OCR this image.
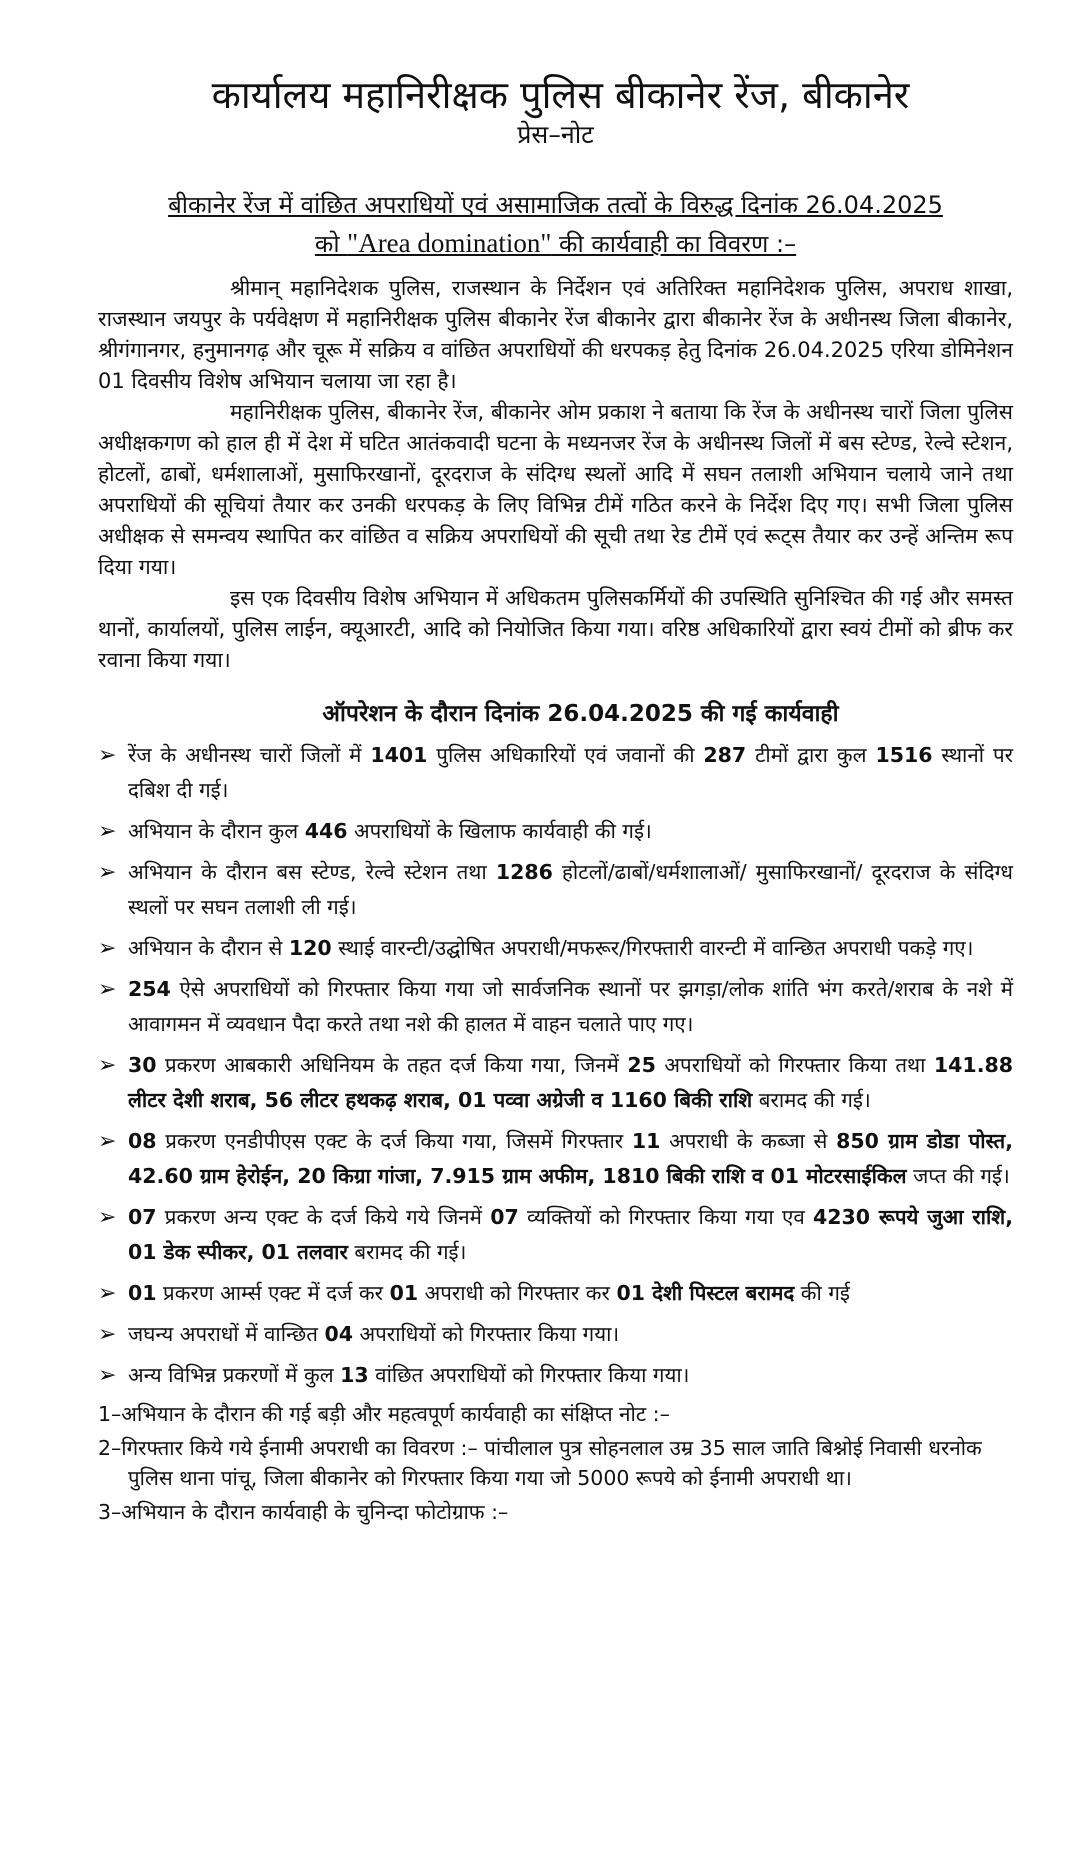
कार्यालय महानिरीक्षक पुलिस बीकानेर रेंज, बीकानेर
प्रेस–नोट
बीकानेर रेंज में वांछित अपराधियों एवं असामाजिक तत्वों के विरुद्ध दिनांक 26.04.2025
को "Area domination" की कार्यवाही का विवरण :–

श्रीमान् महानिदेशक पुलिस, राजस्थान के निर्देशन एवं अतिरिक्त महानिदेशक पुलिस, अपराध शाखा, राजस्थान जयपुर के पर्यवेक्षण में महानिरीक्षक पुलिस बीकानेर रेंज बीकानेर द्वारा बीकानेर रेंज के अधीनस्थ जिला बीकानेर, श्रीगंगानगर, हनुमानगढ़ और चूरू में सक्रिय व वांछित अपराधियों की धरपकड़ हेतु दिनांक 26.04.2025 एरिया डोमिनेशन 01 दिवसीय विशेष अभियान चलाया जा रहा है।

महानिरीक्षक पुलिस, बीकानेर रेंज, बीकानेर ओम प्रकाश ने बताया कि रेंज के अधीनस्थ चारों जिला पुलिस अधीक्षकगण को हाल ही में देश में घटित आतंकवादी घटना के मध्यनजर रेंज के अधीनस्थ जिलों में बस स्टेण्ड, रेल्वे स्टेशन, होटलों, ढाबों, धर्मशालाओं, मुसाफिरखानों, दूरदराज के संदिग्ध स्थलों आदि में सघन तलाशी अभियान चलाये जाने तथा अपराधियों की सूचियां तैयार कर उनकी धरपकड़ के लिए विभिन्न टीमें गठित करने के निर्देश दिए गए। सभी जिला पुलिस अधीक्षक से समन्वय स्थापित कर वांछित व सक्रिय अपराधियों की सूची तथा रेड टीमें एवं रूट्स तैयार कर उन्हें अन्तिम रूप दिया गया।

इस एक दिवसीय विशेष अभियान में अधिकतम पुलिसकर्मियों की उपस्थिति सुनिश्चित की गई और समस्त थानों, कार्यालयों, पुलिस लाईन, क्यूआरटी, आदि को नियोजित किया गया। वरिष्ठ अधिकारियों द्वारा स्वयं टीमों को ब्रीफ कर रवाना किया गया।

ऑपरेशन के दौरान दिनांक 26.04.2025 की गई कार्यवाही
➢ रेंज के अधीनस्थ चारों जिलों में 1401 पुलिस अधिकारियों एवं जवानों की 287 टीमों द्वारा कुल 1516 स्थानों पर दबिश दी गई।
➢ अभियान के दौरान कुल 446 अपराधियों के खिलाफ कार्यवाही की गई।
➢ अभियान के दौरान बस स्टेण्ड, रेल्वे स्टेशन तथा 1286 होटलों/ढाबों/धर्मशालाओं/ मुसाफिरखानों/ दूरदराज के संदिग्ध स्थलों पर सघन तलाशी ली गई।
➢ अभियान के दौरान से 120 स्थाई वारन्टी/उद्घोषित अपराधी/मफरूर/गिरफ्तारी वारन्टी में वान्छित अपराधी पकड़े गए।
➢ 254 ऐसे अपराधियों को गिरफ्तार किया गया जो सार्वजनिक स्थानों पर झगड़ा/लोक शांति भंग करते/शराब के नशे में आवागमन में व्यवधान पैदा करते तथा नशे की हालत में वाहन चलाते पाए गए।
➢ 30 प्रकरण आबकारी अधिनियम के तहत दर्ज किया गया, जिनमें 25 अपराधियों को गिरफ्तार किया तथा 141.88 लीटर देशी शराब, 56 लीटर हथकढ़ शराब, 01 पव्वा अग्रेजी व 1160 बिकी राशि बरामद की गई।
➢ 08 प्रकरण एनडीपीएस एक्ट के दर्ज किया गया, जिसमें गिरफ्तार 11 अपराधी के कब्जा से 850 ग्राम डोडा पोस्त, 42.60 ग्राम हेरोईन, 20 किग्रा गांजा, 7.915 ग्राम अफीम, 1810 बिकी राशि व 01 मोटरसाईकिल जप्त की गई।
➢ 07 प्रकरण अन्य एक्ट के दर्ज किये गये जिनमें 07 व्यक्तियों को गिरफ्तार किया गया एव 4230 रूपये जुआ राशि, 01 डेक स्पीकर, 01 तलवार बरामद की गई।
➢ 01 प्रकरण आर्म्स एक्ट में दर्ज कर 01 अपराधी को गिरफ्तार कर 01 देशी पिस्टल बरामद की गई
➢ जघन्य अपराधों में वान्छित 04 अपराधियों को गिरफ्तार किया गया।
➢ अन्य विभिन्न प्रकरणों में कुल 13 वांछित अपराधियों को गिरफ्तार किया गया।
1–अभियान के दौरान की गई बड़ी और महत्वपूर्ण कार्यवाही का संक्षिप्त नोट :–
2–गिरफ्तार किये गये ईनामी अपराधी का विवरण :– पांचीलाल पुत्र सोहनलाल उम्र 35 साल जाति बिश्नोई निवासी धरनोक पुलिस थाना पांचू, जिला बीकानेर को गिरफ्तार किया गया जो 5000 रूपये को ईनामी अपराधी था।
3–अभियान के दौरान कार्यवाही के चुनिन्दा फोटोग्राफ :–
